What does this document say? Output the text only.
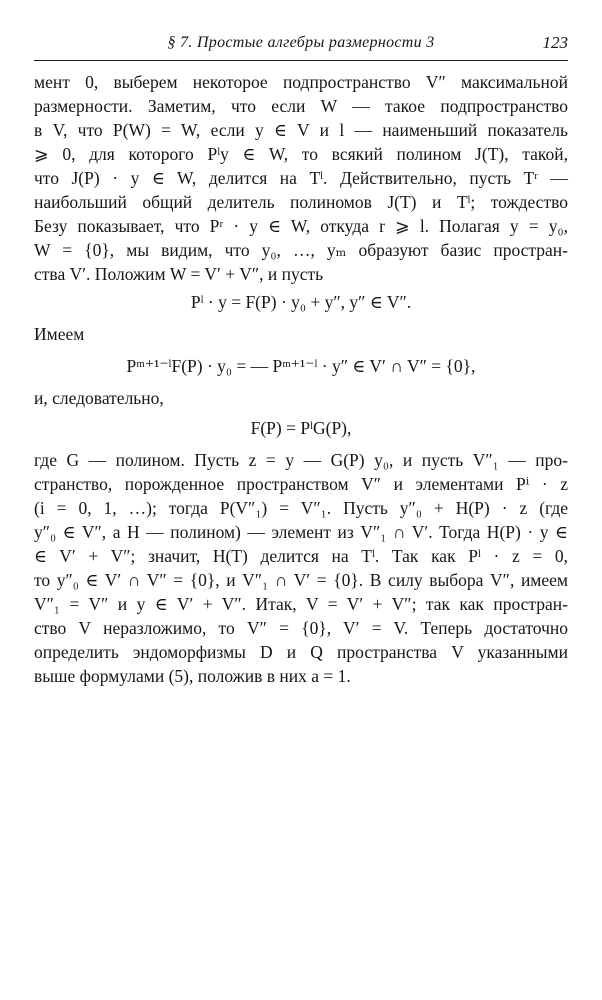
§ 7. Простые алгебры размерности 3	123
мент 0, выберем некоторое подпространство V″ максимальной
размерности. Заметим, что если W — такое подпространство
в V, что P(W) = W, если y ∈ V и l — наименьший показатель
⩾ 0, для которого Pˡy ∈ W, то всякий полином J(T), такой,
что J(P) · y ∈ W, делится на Tˡ. Действительно, пусть Tʳ —
наибольший общий делитель полиномов J(T) и Tˡ; тождество
Безу показывает, что Pʳ · y ∈ W, откуда r ⩾ l. Полагая y = y₀,
W = {0}, мы видим, что y₀, …, yₘ образуют базис простран-
ства V′. Положим W = V′ + V″, и пусть
Pˡ · y = F(P) · y₀ + y″, y″ ∈ V″.
Имеем
Pᵐ⁺¹⁻ˡF(P) · y₀ = — Pᵐ⁺¹⁻ˡ · y″ ∈ V′ ∩ V″ = {0},
и, следовательно,
F(P) = PˡG(P),
где G — полином. Пусть z = y — G(P) y₀, и пусть V″₁ — про-
странство, порожденное пространством V″ и элементами Pⁱ · z
(i = 0, 1, …); тогда P(V″₁) = V″₁. Пусть y″₀ + H(P) · z (где
y″₀ ∈ V″, а H — полином) — элемент из V″₁ ∩ V′. Тогда H(P) · y ∈
∈ V′ + V″; значит, H(T) делится на Tˡ. Так как Pˡ · z = 0,
то y″₀ ∈ V′ ∩ V″ = {0}, и V″₁ ∩ V′ = {0}. В силу выбора V″, имеем
V″₁ = V″ и y ∈ V′ + V″. Итак, V = V′ + V″; так как простран-
ство V неразложимо, то V″ = {0}, V′ = V. Теперь достаточно
определить эндоморфизмы D и Q пространства V указанными
выше формулами (5), положив в них a = 1.
